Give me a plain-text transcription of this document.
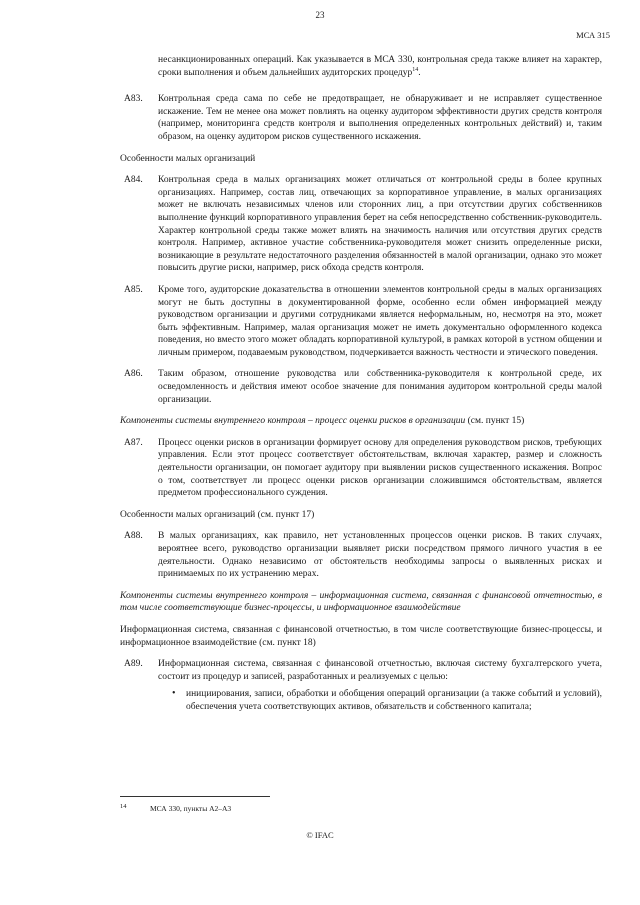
23
МСА 315

несанкционированных операций. Как указывается в МСА 330, контрольная среда также влияет на характер, сроки выполнения и объем дальнейших аудиторских процедур$^{14}$.

A83.	Контрольная среда сама по себе не предотвращает, не обнаруживает и не исправляет существенное искажение. Тем не менее она может повлиять на оценку аудитором эффективности других средств контроля (например, мониторинга средств контроля и выполнения определенных контрольных действий) и, таким образом, на оценку аудитором рисков существенного искажения.

Особенности малых организаций

A84.	Контрольная среда в малых организациях может отличаться от контрольной среды в более крупных организациях. Например, состав лиц, отвечающих за корпоративное управление, в малых организациях может не включать независимых членов или сторонних лиц, а при отсутствии других собственников выполнение функций корпоративного управления берет на себя непосредственно собственник-руководитель. Характер контрольной среды также может влиять на значимость наличия или отсутствия других средств контроля. Например, активное участие собственника-руководителя может снизить определенные риски, возникающие в результате недостаточного разделения обязанностей в малой организации, однако это может повысить другие риски, например, риск обхода средств контроля.

A85.	Кроме того, аудиторские доказательства в отношении элементов контрольной среды в малых организациях могут не быть доступны в документированной форме, особенно если обмен информацией между руководством организации и другими сотрудниками является неформальным, но, несмотря на это, может быть эффективным. Например, малая организация может не иметь документально оформленного кодекса поведения, но вместо этого может обладать корпоративной культурой, в рамках которой в устном общении и личным примером, подаваемым руководством, подчеркивается важность честности и этического поведения.

A86.	Таким образом, отношение руководства или собственника-руководителя к контрольной среде, их осведомленность и действия имеют особое значение для понимания аудитором контрольной среды малой организации.

Компоненты системы внутреннего контроля – процесс оценки рисков в организации (см. пункт 15)

A87.	Процесс оценки рисков в организации формирует основу для определения руководством рисков, требующих управления. Если этот процесс соответствует обстоятельствам, включая характер, размер и сложность деятельности организации, он помогает аудитору при выявлении рисков существенного искажения. Вопрос о том, соответствует ли процесс оценки рисков организации сложившимся обстоятельствам, является предметом профессионального суждения.

Особенности малых организаций (см. пункт 17)

A88.	В малых организациях, как правило, нет установленных процессов оценки рисков. В таких случаях, вероятнее всего, руководство организации выявляет риски посредством прямого личного участия в ее деятельности. Однако независимо от обстоятельств необходимы запросы о выявленных рисках и принимаемых по их устранению мерах.

Компоненты системы внутреннего контроля – информационная система, связанная с финансовой отчетностью, в том числе соответствующие бизнес-процессы, и информационное взаимодействие

Информационная система, связанная с финансовой отчетностью, в том числе соответствующие бизнес-процессы, и информационное взаимодействие (см. пункт 18)

A89.	Информационная система, связанная с финансовой отчетностью, включая систему бухгалтерского учета, состоит из процедур и записей, разработанных и реализуемых с целью:

•	инициирования, записи, обработки и обобщения операций организации (а также событий и условий), обеспечения учета соответствующих активов, обязательств и собственного капитала;

14	МСА 330, пункты A2–A3
© IFAC
